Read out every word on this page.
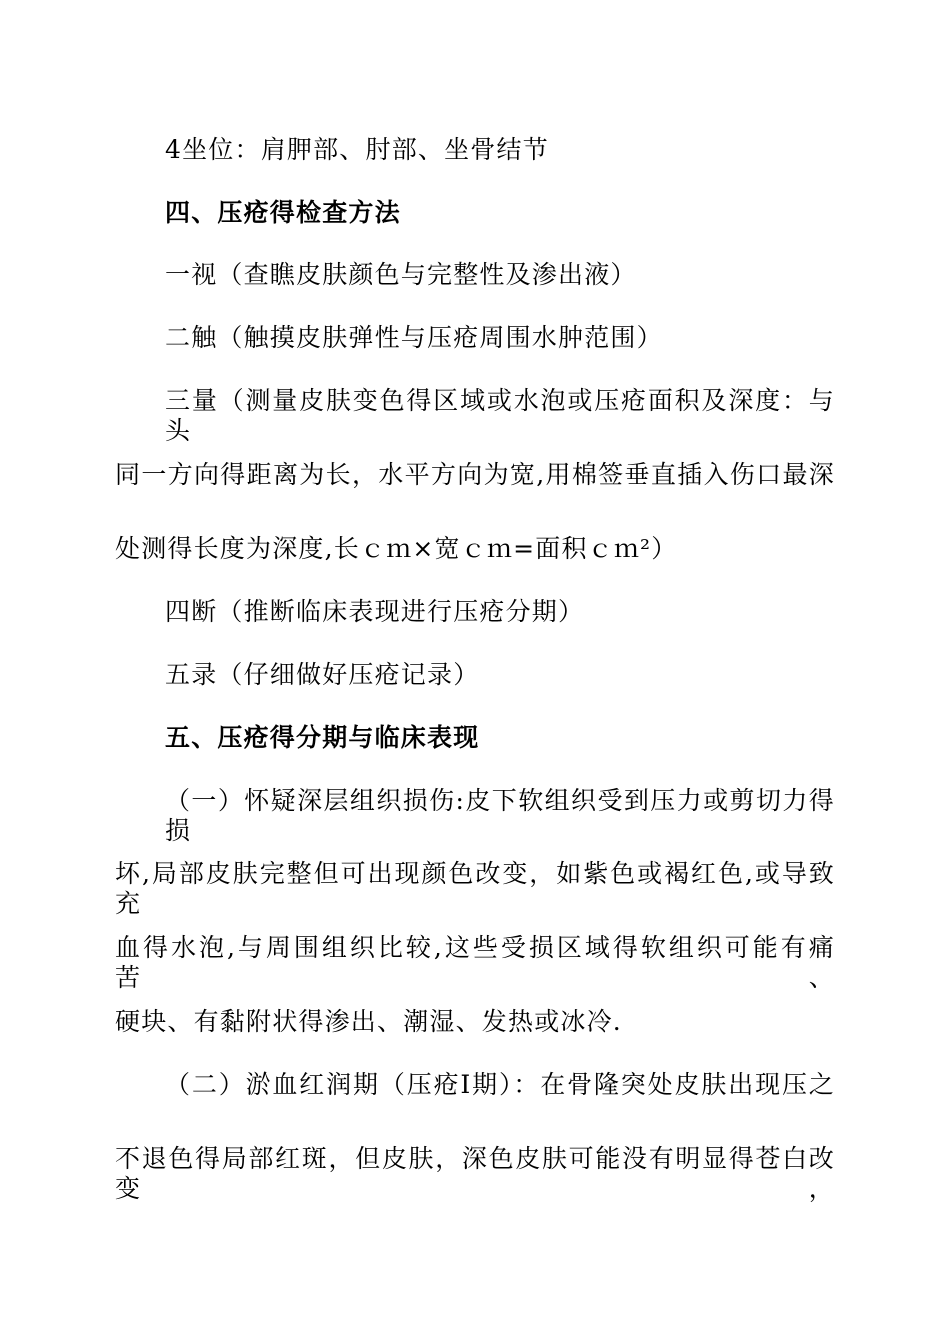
4坐位：肩胛部、肘部、坐骨结节
四、压疮得检查方法
一视（查瞧皮肤颜色与完整性及渗出液）
二触（触摸皮肤弹性与压疮周围水肿范围）
三量（测量皮肤变色得区域或水泡或压疮面积及深度：与头
同一方向得距离为长，水平方向为宽,用棉签垂直插入伤口最深
处测得长度为深度,长ｃｍ×宽ｃｍ=面积ｃｍ²）
四断（推断临床表现进行压疮分期）
五录（仔细做好压疮记录）
五、压疮得分期与临床表现
（一）怀疑深层组织损伤:皮下软组织受到压力或剪切力得损
坏,局部皮肤完整但可出现颜色改变，如紫色或褐红色,或导致充
血得水泡,与周围组织比较,这些受损区域得软组织可能有痛苦、
硬块、有黏附状得渗出、潮湿、发热或冰冷.
（二）淤血红润期（压疮Ⅰ期）：在骨隆突处皮肤出现压之
不退色得局部红斑，但皮肤，深色皮肤可能没有明显得苍白改变，
